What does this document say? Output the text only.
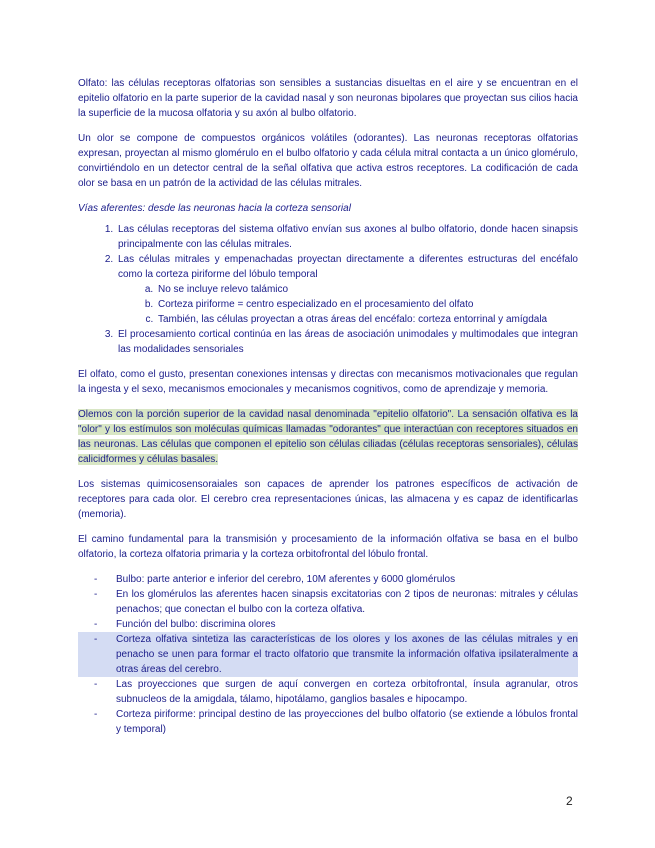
Olfato: las células receptoras olfatorias son sensibles a sustancias disueltas en el aire y se encuentran en el epitelio olfatorio en la parte superior de la cavidad nasal y son neuronas bipolares que proyectan sus cilios hacia la superficie de la mucosa olfatoria y su axón al bulbo olfatorio.

Un olor se compone de compuestos orgánicos volátiles (odorantes). Las neuronas receptoras olfatorias expresan, proyectan al mismo glomérulo en el bulbo olfatorio y cada célula mitral contacta a un único glomérulo, convirtiéndolo en un detector central de la señal olfativa que activa estros receptores. La codificación de cada olor se basa en un patrón de la actividad de las células mitrales.

Vías aferentes: desde las neuronas hacia la corteza sensorial

1. Las células receptoras del sistema olfativo envían sus axones al bulbo olfatorio, donde hacen sinapsis principalmente con las células mitrales.
2. Las células mitrales y empenachadas proyectan directamente a diferentes estructuras del encéfalo como la corteza piriforme del lóbulo temporal
a. No se incluye relevo talámico
b. Corteza piriforme = centro especializado en el procesamiento del olfato
c. También, las células proyectan a otras áreas del encéfalo: corteza entorrinal y amígdala
3. El procesamiento cortical continúa en las áreas de asociación unimodales y multimodales que integran las modalidades sensoriales

El olfato, como el gusto, presentan conexiones intensas y directas con mecanismos motivacionales que regulan la ingesta y el sexo, mecanismos emocionales y mecanismos cognitivos, como de aprendizaje y memoria.

Olemos con la porción superior de la cavidad nasal denominada "epitelio olfatorio". La sensación olfativa es la "olor" y los estímulos son moléculas químicas llamadas "odorantes" que interactúan con receptores situados en las neuronas. Las células que componen el epitelio son células ciliadas (células receptoras sensoriales), células calicidformes y células basales.

Los sistemas quimicosensoraiales son capaces de aprender los patrones específicos de activación de receptores para cada olor. El cerebro crea representaciones únicas, las almacena y es capaz de identificarlas (memoria).

El camino fundamental para la transmisión y procesamiento de la información olfativa se basa en el bulbo olfatorio, la corteza olfatoria primaria y la corteza orbitofrontal del lóbulo frontal.

- Bulbo: parte anterior e inferior del cerebro, 10M aferentes y 6000 glomérulos
- En los glomérulos las aferentes hacen sinapsis excitatorias con 2 tipos de neuronas: mitrales y células penachos; que conectan el bulbo con la corteza olfativa.
- Función del bulbo: discrimina olores
- Corteza olfativa sintetiza las características de los olores y los axones de las células mitrales y en penacho se unen para formar el tracto olfatorio que transmite la información olfativa ipsilateralmente a otras áreas del cerebro.
- Las proyecciones que surgen de aquí convergen en corteza orbitofrontal, ínsula agranular, otros subnucleos de la amigdala, tálamo, hipotálamo, ganglios basales e hipocampo.
- Corteza piriforme: principal destino de las proyecciones del bulbo olfatorio (se extiende a lóbulos frontal y temporal)
2
